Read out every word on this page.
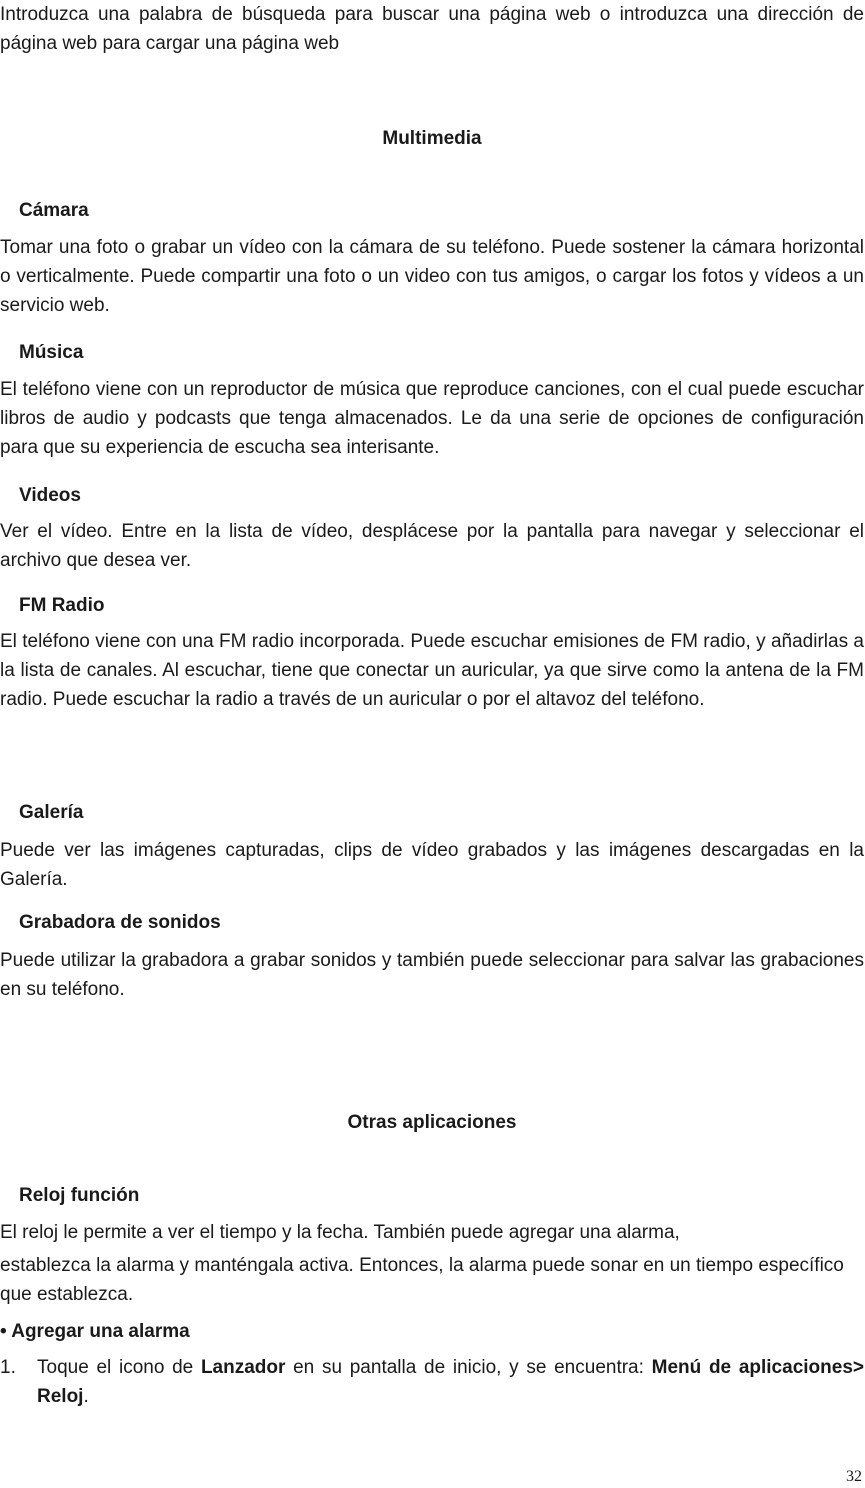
Introduzca una palabra de búsqueda para buscar una página web o introduzca una dirección de página web para cargar una página web

Multimedia

Cámara

Tomar una foto o grabar un vídeo con la cámara de su teléfono. Puede sostener la cámara horizontal o verticalmente. Puede compartir una foto o un video con tus amigos, o cargar los fotos y vídeos a un servicio web.

Música

El teléfono viene con un reproductor de música que reproduce canciones, con el cual puede escuchar libros de audio y podcasts que tenga almacenados. Le da una serie de opciones de configuración para que su experiencia de escucha sea interisante.

Videos

Ver el vídeo. Entre en la lista de vídeo, desplácese por la pantalla para navegar y seleccionar el archivo que desea ver.

FM Radio

El teléfono viene con una FM radio incorporada. Puede escuchar emisiones de FM radio, y añadirlas a la lista de canales. Al escuchar, tiene que conectar un auricular, ya que sirve como la antena de la FM radio. Puede escuchar la radio a través de un auricular o por el altavoz del teléfono.

Galería

Puede ver las imágenes capturadas, clips de vídeo grabados y las imágenes descargadas en la Galería.

Grabadora de sonidos

Puede utilizar la grabadora a grabar sonidos y también puede seleccionar para salvar las grabaciones en su teléfono.

Otras aplicaciones

Reloj función

El reloj le permite a ver el tiempo y la fecha. También puede agregar una alarma,

establezca la alarma y manténgala activa. Entonces, la alarma puede sonar en un tiempo específico que establezca.

• Agregar una alarma

1.	Toque el icono de Lanzador en su pantalla de inicio, y se encuentra: Menú de aplicaciones> Reloj.
32
